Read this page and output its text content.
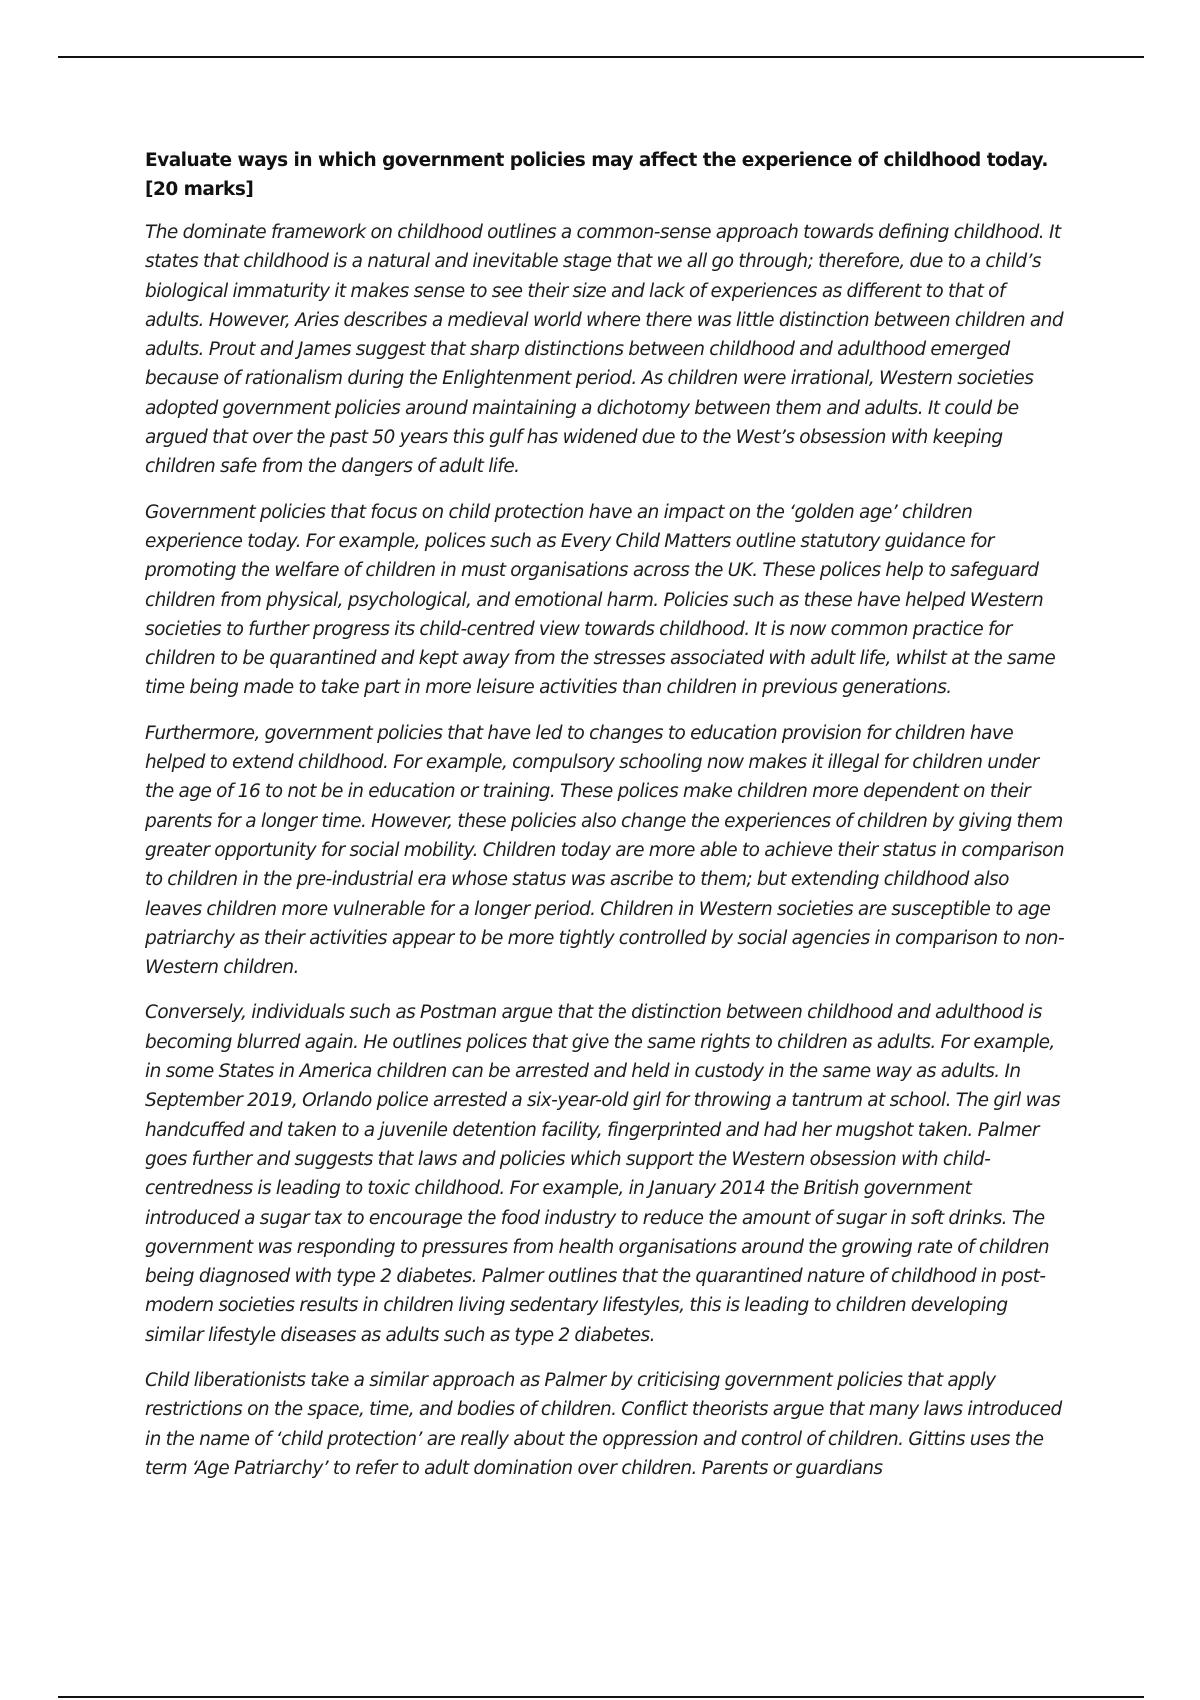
Evaluate ways in which government policies may affect the experience of childhood today. [20 marks]

The dominate framework on childhood outlines a common-sense approach towards defining childhood. It states that childhood is a natural and inevitable stage that we all go through; therefore, due to a child’s biological immaturity it makes sense to see their size and lack of experiences as different to that of adults. However, Aries describes a medieval world where there was little distinction between children and adults. Prout and James suggest that sharp distinctions between childhood and adulthood emerged because of rationalism during the Enlightenment period. As children were irrational, Western societies adopted government policies around maintaining a dichotomy between them and adults. It could be argued that over the past 50 years this gulf has widened due to the West’s obsession with keeping children safe from the dangers of adult life.

Government policies that focus on child protection have an impact on the ‘golden age’ children experience today. For example, polices such as Every Child Matters outline statutory guidance for promoting the welfare of children in must organisations across the UK. These polices help to safeguard children from physical, psychological, and emotional harm. Policies such as these have helped Western societies to further progress its child-centred view towards childhood. It is now common practice for children to be quarantined and kept away from the stresses associated with adult life, whilst at the same time being made to take part in more leisure activities than children in previous generations.

Furthermore, government policies that have led to changes to education provision for children have helped to extend childhood. For example, compulsory schooling now makes it illegal for children under the age of 16 to not be in education or training. These polices make children more dependent on their parents for a longer time. However, these policies also change the experiences of children by giving them greater opportunity for social mobility. Children today are more able to achieve their status in comparison to children in the pre-industrial era whose status was ascribe to them; but extending childhood also leaves children more vulnerable for a longer period. Children in Western societies are susceptible to age patriarchy as their activities appear to be more tightly controlled by social agencies in comparison to non-Western children.

Conversely, individuals such as Postman argue that the distinction between childhood and adulthood is becoming blurred again. He outlines polices that give the same rights to children as adults. For example, in some States in America children can be arrested and held in custody in the same way as adults. In September 2019, Orlando police arrested a six-year-old girl for throwing a tantrum at school. The girl was handcuffed and taken to a juvenile detention facility, fingerprinted and had her mugshot taken. Palmer goes further and suggests that laws and policies which support the Western obsession with child-centredness is leading to toxic childhood. For example, in January 2014 the British government introduced a sugar tax to encourage the food industry to reduce the amount of sugar in soft drinks. The government was responding to pressures from health organisations around the growing rate of children being diagnosed with type 2 diabetes. Palmer outlines that the quarantined nature of childhood in post-modern societies results in children living sedentary lifestyles, this is leading to children developing similar lifestyle diseases as adults such as type 2 diabetes.

Child liberationists take a similar approach as Palmer by criticising government policies that apply restrictions on the space, time, and bodies of children. Conflict theorists argue that many laws introduced in the name of ‘child protection’ are really about the oppression and control of children. Gittins uses the term ‘Age Patriarchy’ to refer to adult domination over children. Parents or guardians
